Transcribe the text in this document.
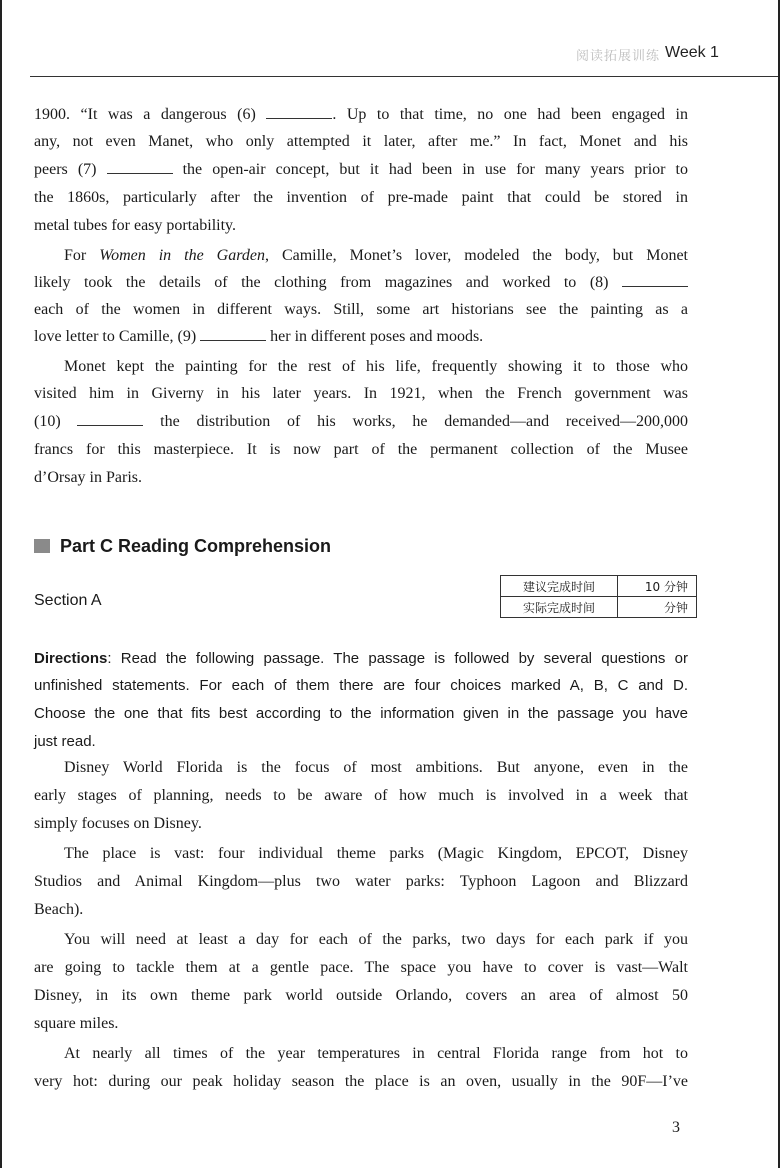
阅读拓展训练 Week 1
1900. “It was a dangerous (6)	. Up to that time, no one had been engaged in
any, not even Manet, who only attempted it later, after me.” In fact, Monet and his
peers (7)	the open-air concept, but it had been in use for many years prior to
the 1860s, particularly after the invention of pre-made paint that could be stored in
metal tubes for easy portability.
For Women in the Garden, Camille, Monet’s lover, modeled the body, but Monet
likely took the details of the clothing from magazines and worked to (8)
each of the women in different ways. Still, some art historians see the painting as a
love letter to Camille, (9)	her in different poses and moods.
Monet kept the painting for the rest of his life, frequently showing it to those who
visited him in Giverny in his later years. In 1921, when the French government was
(10)	the distribution of his works, he demanded—and received—200,000
francs for this masterpiece. It is now part of the permanent collection of the Musee
d’Orsay in Paris.
Part C Reading Comprehension
Section A
建议完成时间	10 分钟
实际完成时间	分钟
Directions: Read the following passage. The passage is followed by several questions or
unfinished statements. For each of them there are four choices marked A, B, C and D.
Choose the one that fits best according to the information given in the passage you have
just read.
Disney World Florida is the focus of most ambitions. But anyone, even in the
early stages of planning, needs to be aware of how much is involved in a week that
simply focuses on Disney.
The place is vast: four individual theme parks (Magic Kingdom, EPCOT, Disney
Studios and Animal Kingdom—plus two water parks: Typhoon Lagoon and Blizzard
Beach).
You will need at least a day for each of the parks, two days for each park if you
are going to tackle them at a gentle pace. The space you have to cover is vast—Walt
Disney, in its own theme park world outside Orlando, covers an area of almost 50
square miles.
At nearly all times of the year temperatures in central Florida range from hot to
very hot: during our peak holiday season the place is an oven, usually in the 90F—I’ve
3
